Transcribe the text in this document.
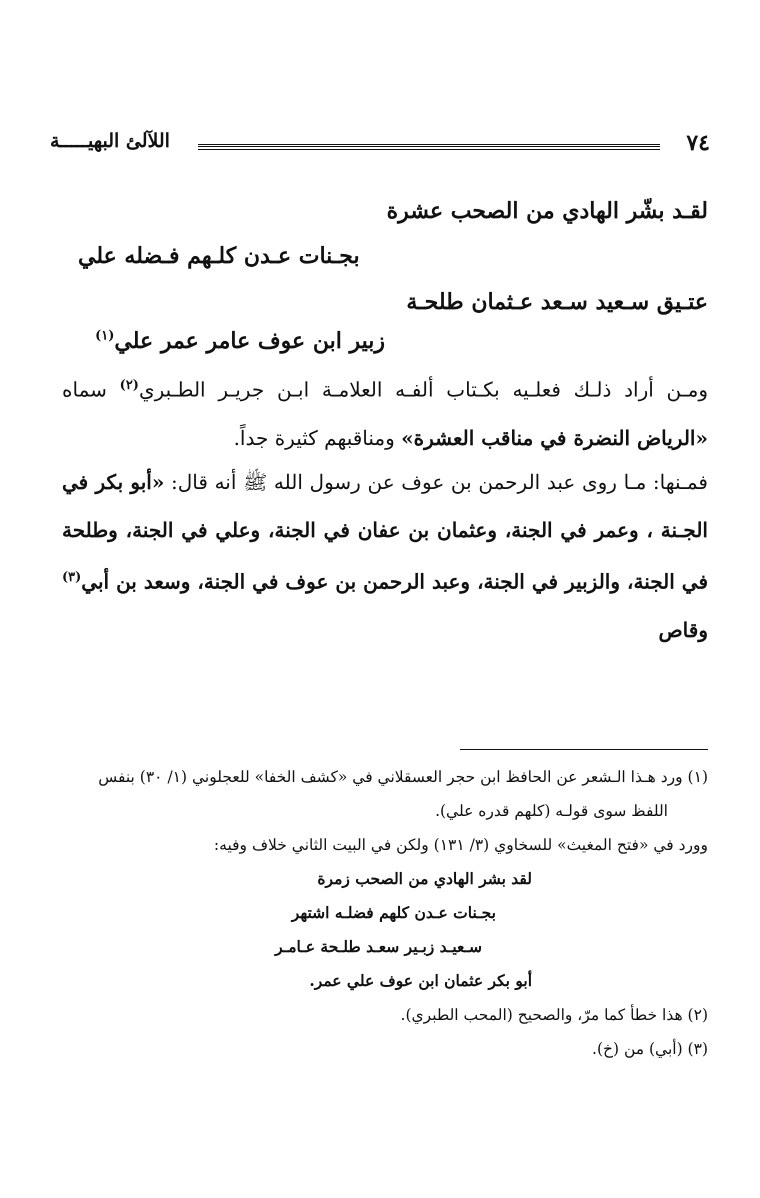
٧٤
اللآلئ البهيـــــة
لقـد بشّر الهادي من الصحب عشرة
بجـنات عـدن كلـهم فـضله علي
عتـيق سـعيد سـعد عـثمان طلحـة
زبير ابن عوف عامر عمر علي$^{(١)}$
ومـن أراد ذلـك فعلـيه بكـتاب ألفـه العلامـة ابـن جريـر الطـبري$^{(٢)}$ سماه «الرياض النضرة في مناقب العشرة» ومناقبهم كثيرة جداً.
فمـنها: مـا روى عبد الرحمن بن عوف عن رسول الله ﷺ أنه قال: «أبو بكر في الجـنة ، وعمر في الجنة، وعثمان بن عفان في الجنة، وعلي في الجنة، وطلحة في الجنة، والزبير في الجنة، وعبد الرحمن بن عوف في الجنة، وسعد بن أبي$^{(٣)}$ وقاص
(١) ورد هـذا الـشعر عن الحافظ ابن حجر العسقلاني في «كشف الخفا» للعجلوني (١/ ٣٠) بنفس
اللفظ سوى قولـه (كلهم قدره علي).
وورد في «فتح المغيث» للسخاوي (٣/ ١٣١) ولكن في البيت الثاني خلاف وفيه:
لقد بشر الهادي من الصحب زمرة
بجـنات عـدن كلهم فضلـه اشتهر
سـعيـد زبـير سعـد طلـحة عـامـر
أبو بكر عثمان ابن عوف علي عمر.
(٢) هذا خطأ كما مرّ، والصحيح (المحب الطبري).
(٣) (أبي) من (خ).
